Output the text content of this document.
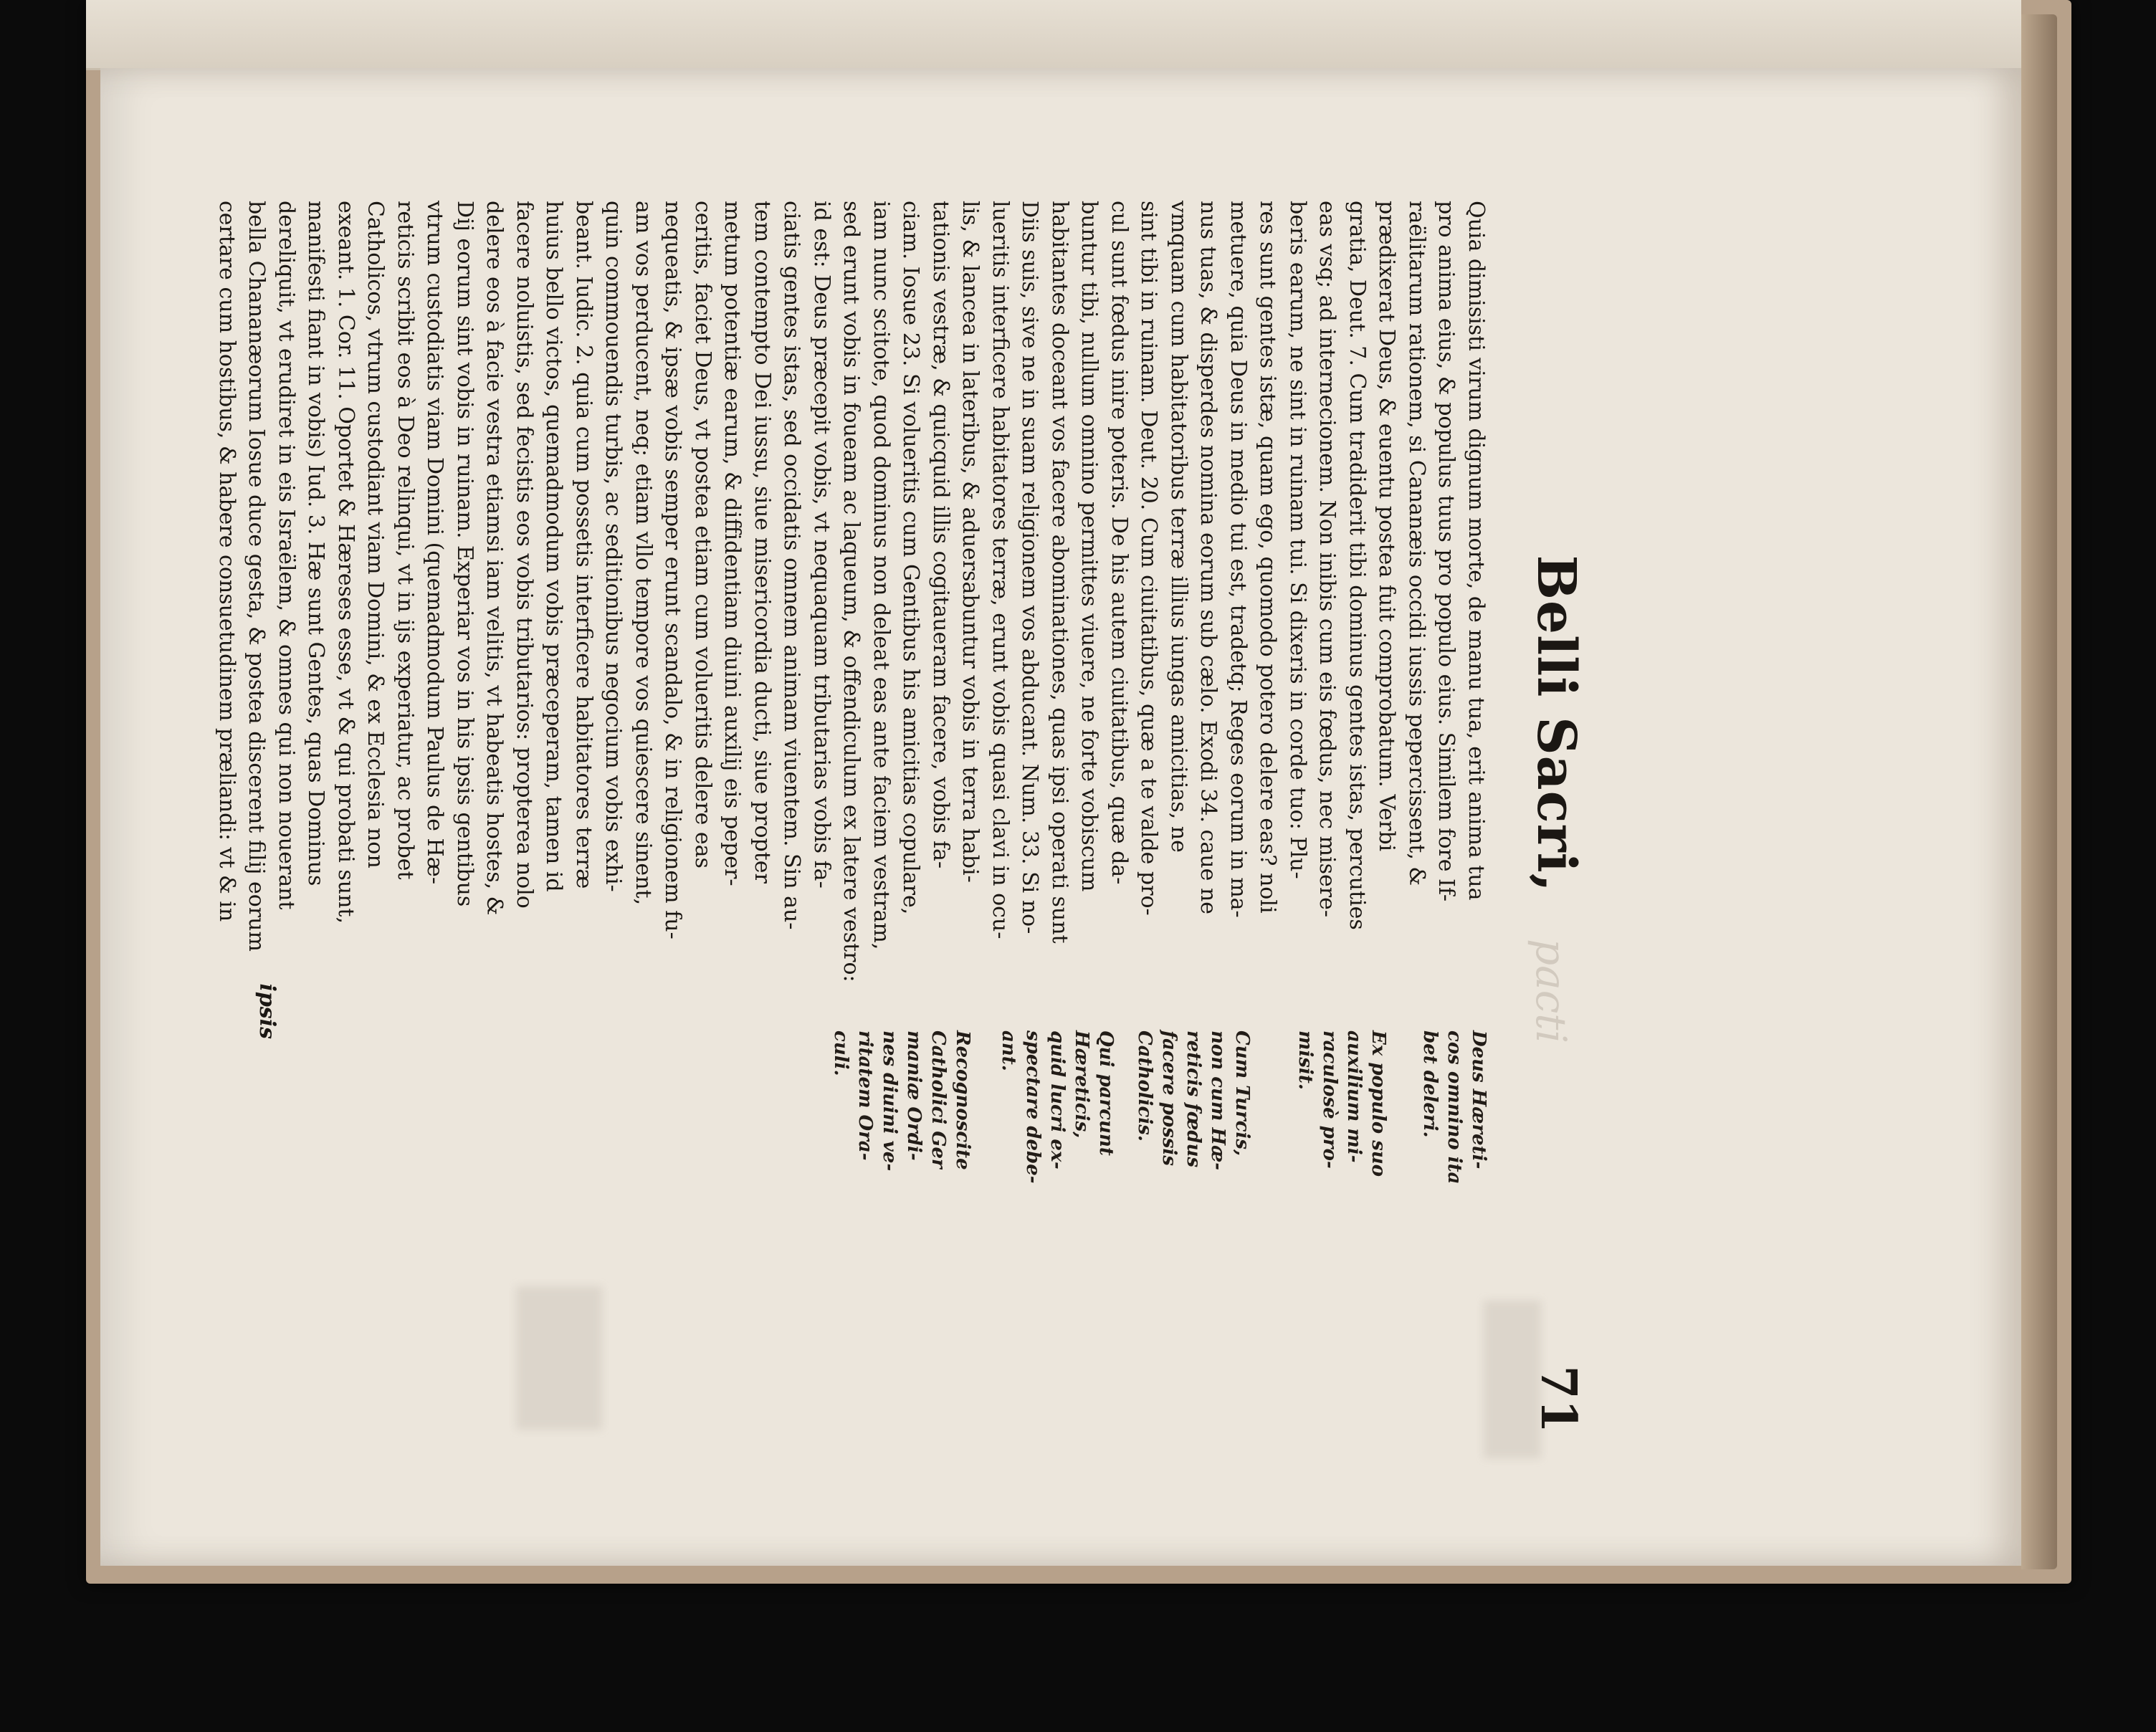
Belli Sacri,
pacti
71

Quia dimisisti virum dignum morte, de manu tua, erit anima tua

pro anima eius, & populus tuus pro populo eius. Similem fore If-

raëlitarum rationem, si Cananæis occidi iussis pepercissent, &

prædixerat Deus, & euentu postea fuit comprobatum. Verbi

gratia, Deut. 7. Cum tradiderit tibi dominus gentes istas, percuties

eas vsq; ad internecionem. Non inibis cum eis fœdus, nec misere-

beris earum, ne sint in ruinam tui. Si dixeris in corde tuo: Plu-

res sunt gentes istæ, quam ego, quomodo potero delere eas? noli

metuere, quia Deus in medio tui est, tradetq; Reges eorum in ma-

nus tuas, & disperdes nomina eorum sub cælo. Exodi 34. caue ne

vmquam cum habitatoribus terræ illius iungas amicitias, ne

sint tibi in ruinam. Deut. 20. Cum ciuitatibus, quæ a te valde pro-

cul sunt fœdus inire poteris. De his autem ciuitatibus, quæ da-

buntur tibi, nullum omnino permittes viuere, ne forte vobiscum

habitantes doceant vos facere abominationes, quas ipsi operati sunt

Diis suis, sive ne in suam religionem vos abducant. Num. 33. Si no-

lueritis interficere habitatores terræ, erunt vobis quasi clavi in ocu-

lis, & lancea in lateribus, & aduersabuntur vobis in terra habi-

tationis vestræ, & quicquid illis cogitaueram facere, vobis fa-

ciam. Iosue 23. Si volueritis cum Gentibus his amicitias copulare,

iam nunc scitote, quod dominus non deleat eas ante faciem vestram,

sed erunt vobis in foueam ac laqueum, & offendiculum ex latere vestro:

id est: Deus præcepit vobis, vt nequaquam tributarias vobis fa-

ciatis gentes istas, sed occidatis omnem animam viuentem. Sin au-

tem contempto Dei iussu, siue misericordia ducti, siue propter

metum potentiæ earum, & diffidentiam diuini auxilij eis peper-

ceritis, faciet Deus, vt postea etiam cum volueritis delere eas

nequeatis, & ipsæ vobis semper erunt scandalo, & in religionem fu-

am vos perducent, neq; etiam vllo tempore vos quiescere sinent,

quin commouendis turbis, ac seditionibus negocium vobis exhi-

beant. Iudic. 2. quia cum possetis interficere habitatores terræ

huius bello victos, quemadmodum vobis præceperam, tamen id

facere noluistis, sed fecistis eos vobis tributarios: propterea nolo

delere eos à facie vestra etiamsi iam velitis, vt habeatis hostes, &

Dij eorum sint vobis in ruinam. Experiar vos in his ipsis gentibus

vtrum custodiatis viam Domini (quemadmodum Paulus de Hæ-

reticis scribit eos à Deo relinqui, vt in ijs experiatur, ac probet

Catholicos, vtrum custodiant viam Domini, & ex Ecclesia non

exeant. 1. Cor. 11. Oportet & Hæreses esse, vt & qui probati sunt,

manifesti fiant in vobis) Iud. 3. Hæ sunt Gentes, quas Dominus

dereliquit, vt erudiret in eis Israëlem, & omnes qui non nouerant

bella Chananæorum Iosue duce gesta, & postea discerent filij eorum

certare cum hostibus, & habere consuetudinem præliandi: vt & in

ipsis
Deus Hæreti-
cos omnino ita
bet deleri.
Ex populo suo
auxilium mi-
raculosè pro-
misit.
Cum Turcis,
non cum Hæ-
reticis fœdus
facere possis
Catholicis.
Qui parcunt
Hæreticis,
quid lucri ex-
spectare debe-
ant.
Recognoscite
Catholici Ger
maniæ Ordi-
nes diuini ve-
ritatem Ora-
culi.
